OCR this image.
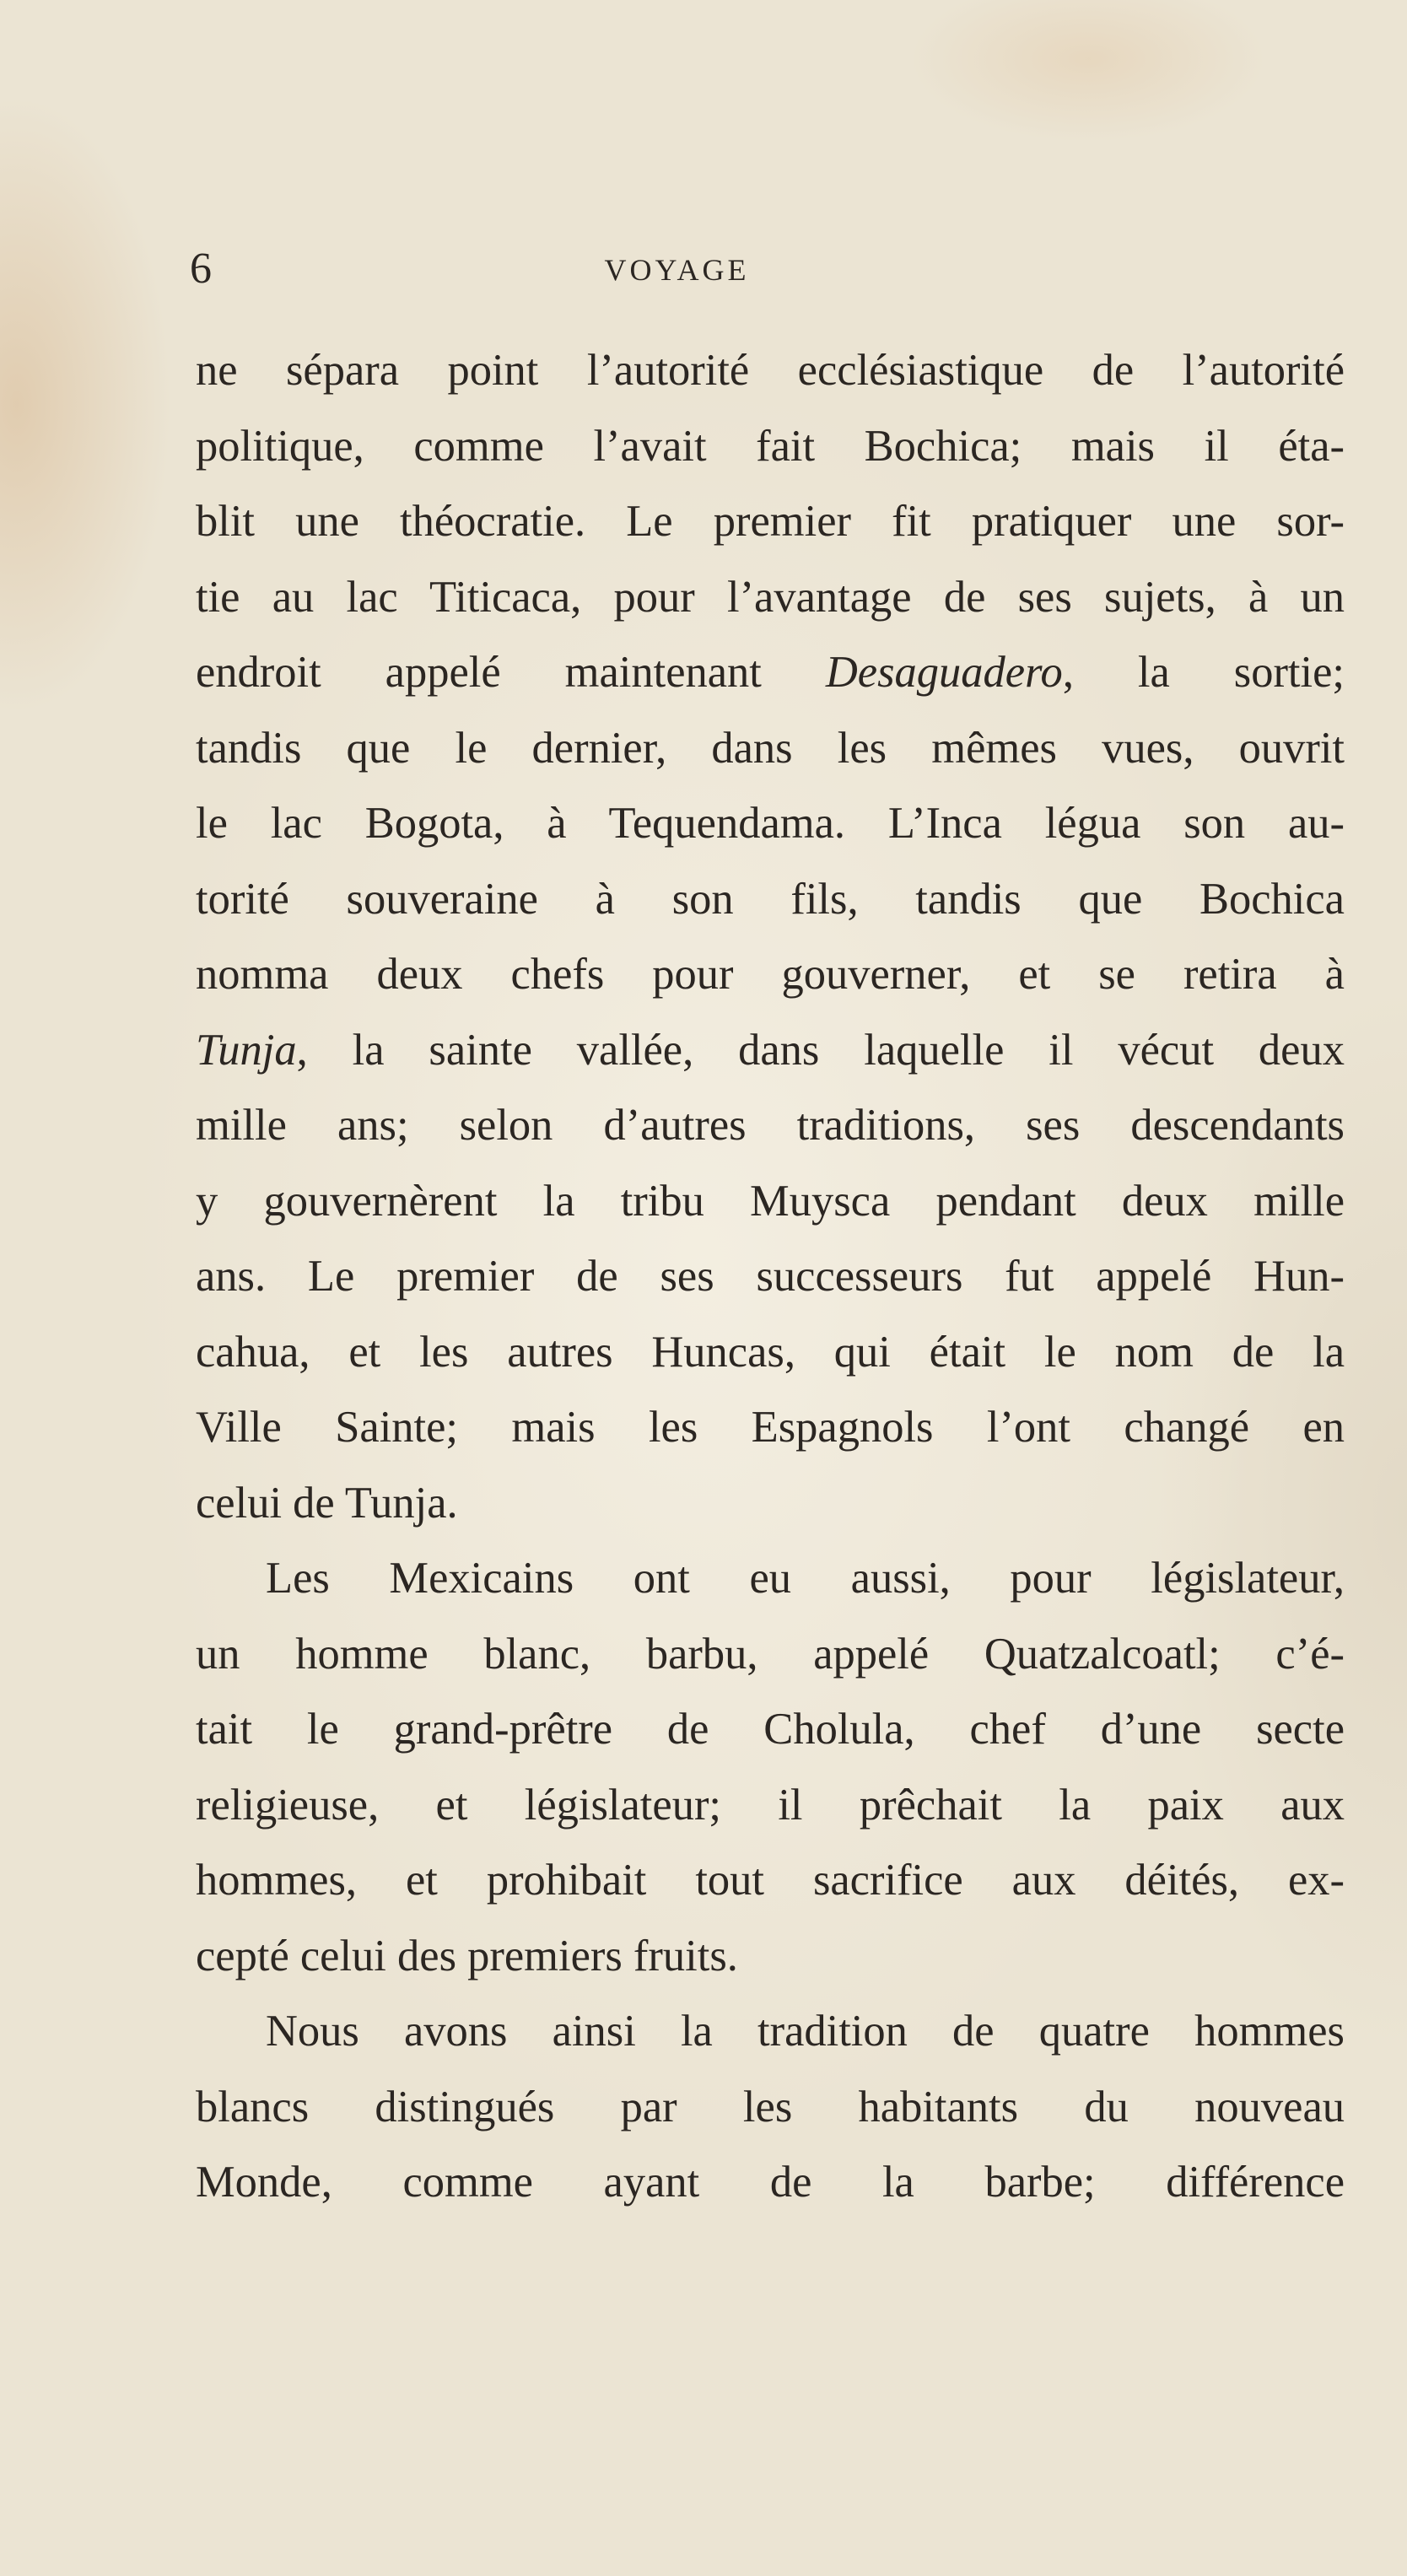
6	VOYAGE
ne sépara point l’autorité ecclésiastique de l’autorité
politique, comme l’avait fait Bochica; mais il éta-
blit une théocratie. Le premier fit pratiquer une sor-
tie au lac Titicaca, pour l’avantage de ses sujets, à un
endroit appelé maintenant Desaguadero, la sortie;
tandis que le dernier, dans les mêmes vues, ouvrit
le lac Bogota, à Tequendama. L’Inca légua son au-
torité souveraine à son fils, tandis que Bochica
nomma deux chefs pour gouverner, et se retira à
Tunja, la sainte vallée, dans laquelle il vécut deux
mille ans; selon d’autres traditions, ses descendants
y gouvernèrent la tribu Muysca pendant deux mille
ans. Le premier de ses successeurs fut appelé Hun-
cahua, et les autres Huncas, qui était le nom de la
Ville Sainte; mais les Espagnols l’ont changé en
celui de Tunja.
Les Mexicains ont eu aussi, pour législateur,
un homme blanc, barbu, appelé Quatzalcoatl; c’é-
tait le grand-prêtre de Cholula, chef d’une secte
religieuse, et législateur; il prêchait la paix aux
hommes, et prohibait tout sacrifice aux déités, ex-
cepté celui des premiers fruits.
Nous avons ainsi la tradition de quatre hommes
blancs distingués par les habitants du nouveau
Monde, comme ayant de la barbe; différence
